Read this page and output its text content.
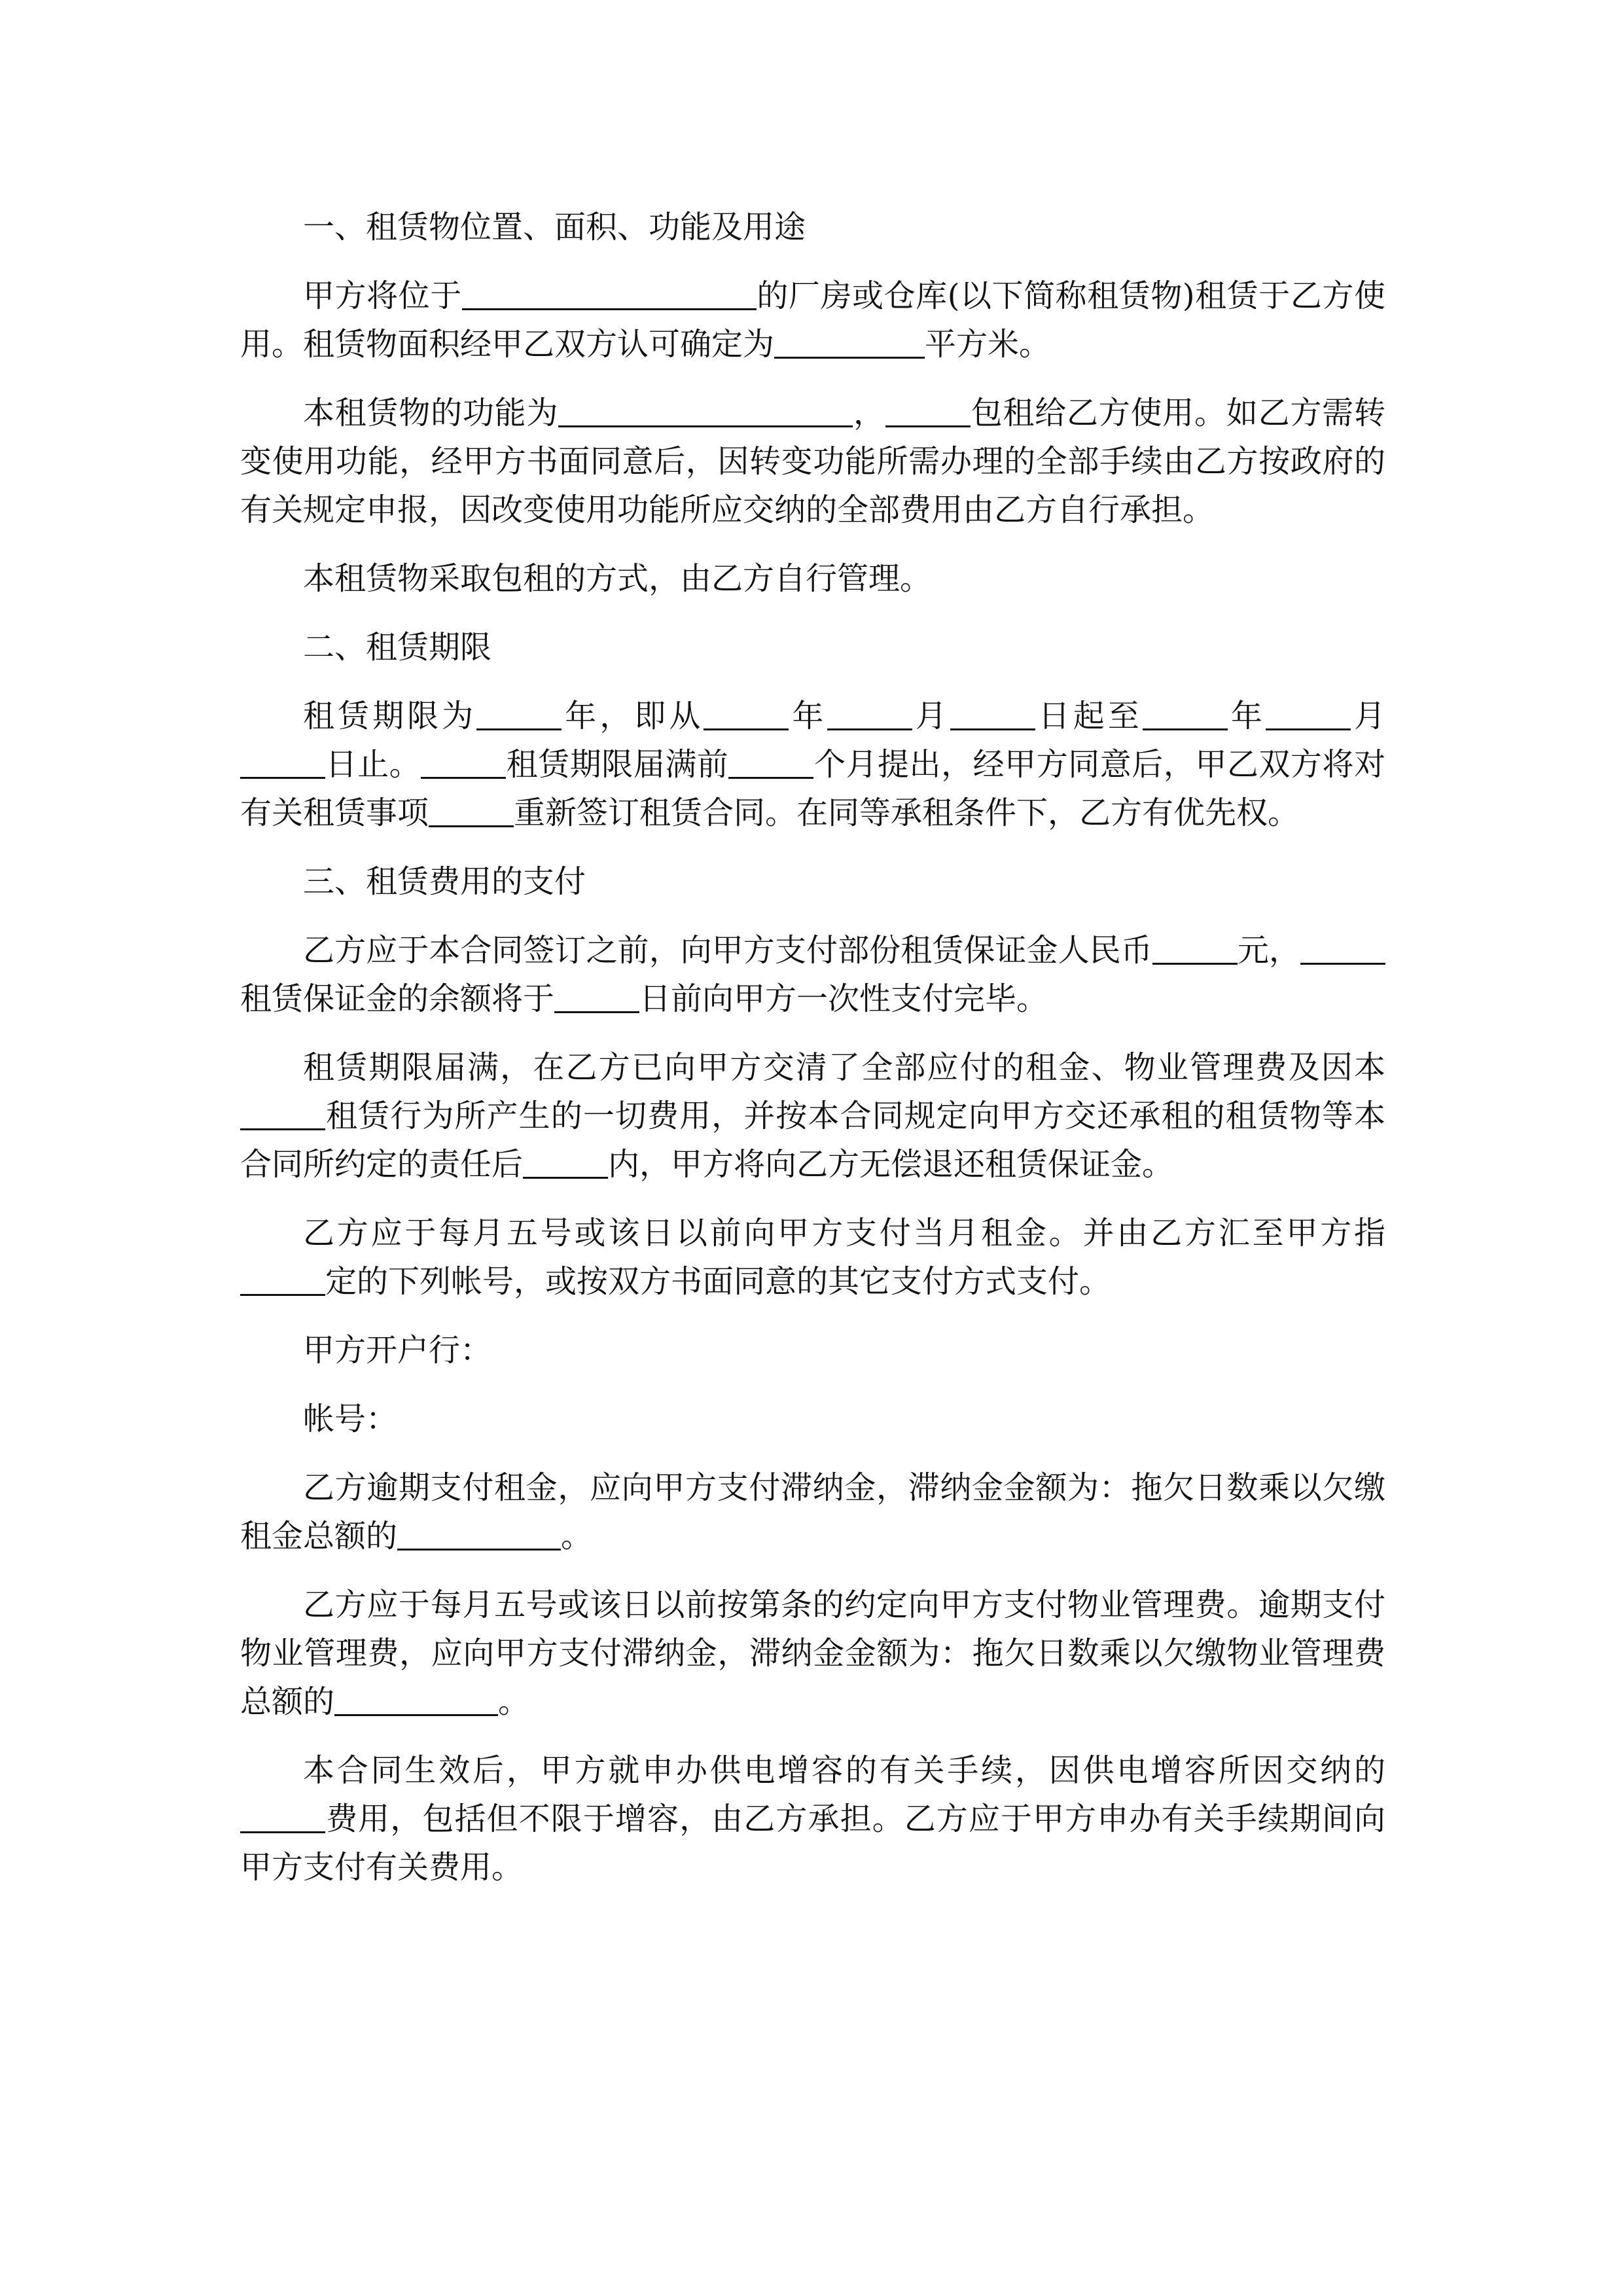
一、租赁物位置、面积、功能及用途

甲方将位于	的厂房或仓库(以下简称租赁物)租赁于乙方使用。租赁物面积经甲乙双方认可确定为	平方米。

本租赁物的功能为	，	包租给乙方使用。如乙方需转变使用功能，经甲方书面同意后，因转变功能所需办理的全部手续由乙方按政府的有关规定申报，因改变使用功能所应交纳的全部费用由乙方自行承担。

本租赁物采取包租的方式，由乙方自行管理。

二、租赁期限

租赁期限为	年，即从	年	月	日起至	年	月日止。	租赁期限届满前	个月提出，经甲方同意后，甲乙双方将对有关租赁事项	重新签订租赁合同。在同等承租条件下，乙方有优先权。

三、租赁费用的支付

乙方应于本合同签订之前，向甲方支付部份租赁保证金人民币	元，租赁保证金的余额将于	日前向甲方一次性支付完毕。

租赁期限届满，在乙方已向甲方交清了全部应付的租金、物业管理费及因本租赁行为所产生的一切费用，并按本合同规定向甲方交还承租的租赁物等本合同所约定的责任后	内，甲方将向乙方无偿退还租赁保证金。

乙方应于每月五号或该日以前向甲方支付当月租金。并由乙方汇至甲方指定的下列帐号，或按双方书面同意的其它支付方式支付。

甲方开户行：

帐号：

乙方逾期支付租金，应向甲方支付滞纳金，滞纳金金额为：拖欠日数乘以欠缴租金总额的	。

乙方应于每月五号或该日以前按第条的约定向甲方支付物业管理费。逾期支付物业管理费，应向甲方支付滞纳金，滞纳金金额为：拖欠日数乘以欠缴物业管理费总额的	。

本合同生效后，甲方就申办供电增容的有关手续，因供电增容所因交纳的费用，包括但不限于增容，由乙方承担。乙方应于甲方申办有关手续期间向甲方支付有关费用。
